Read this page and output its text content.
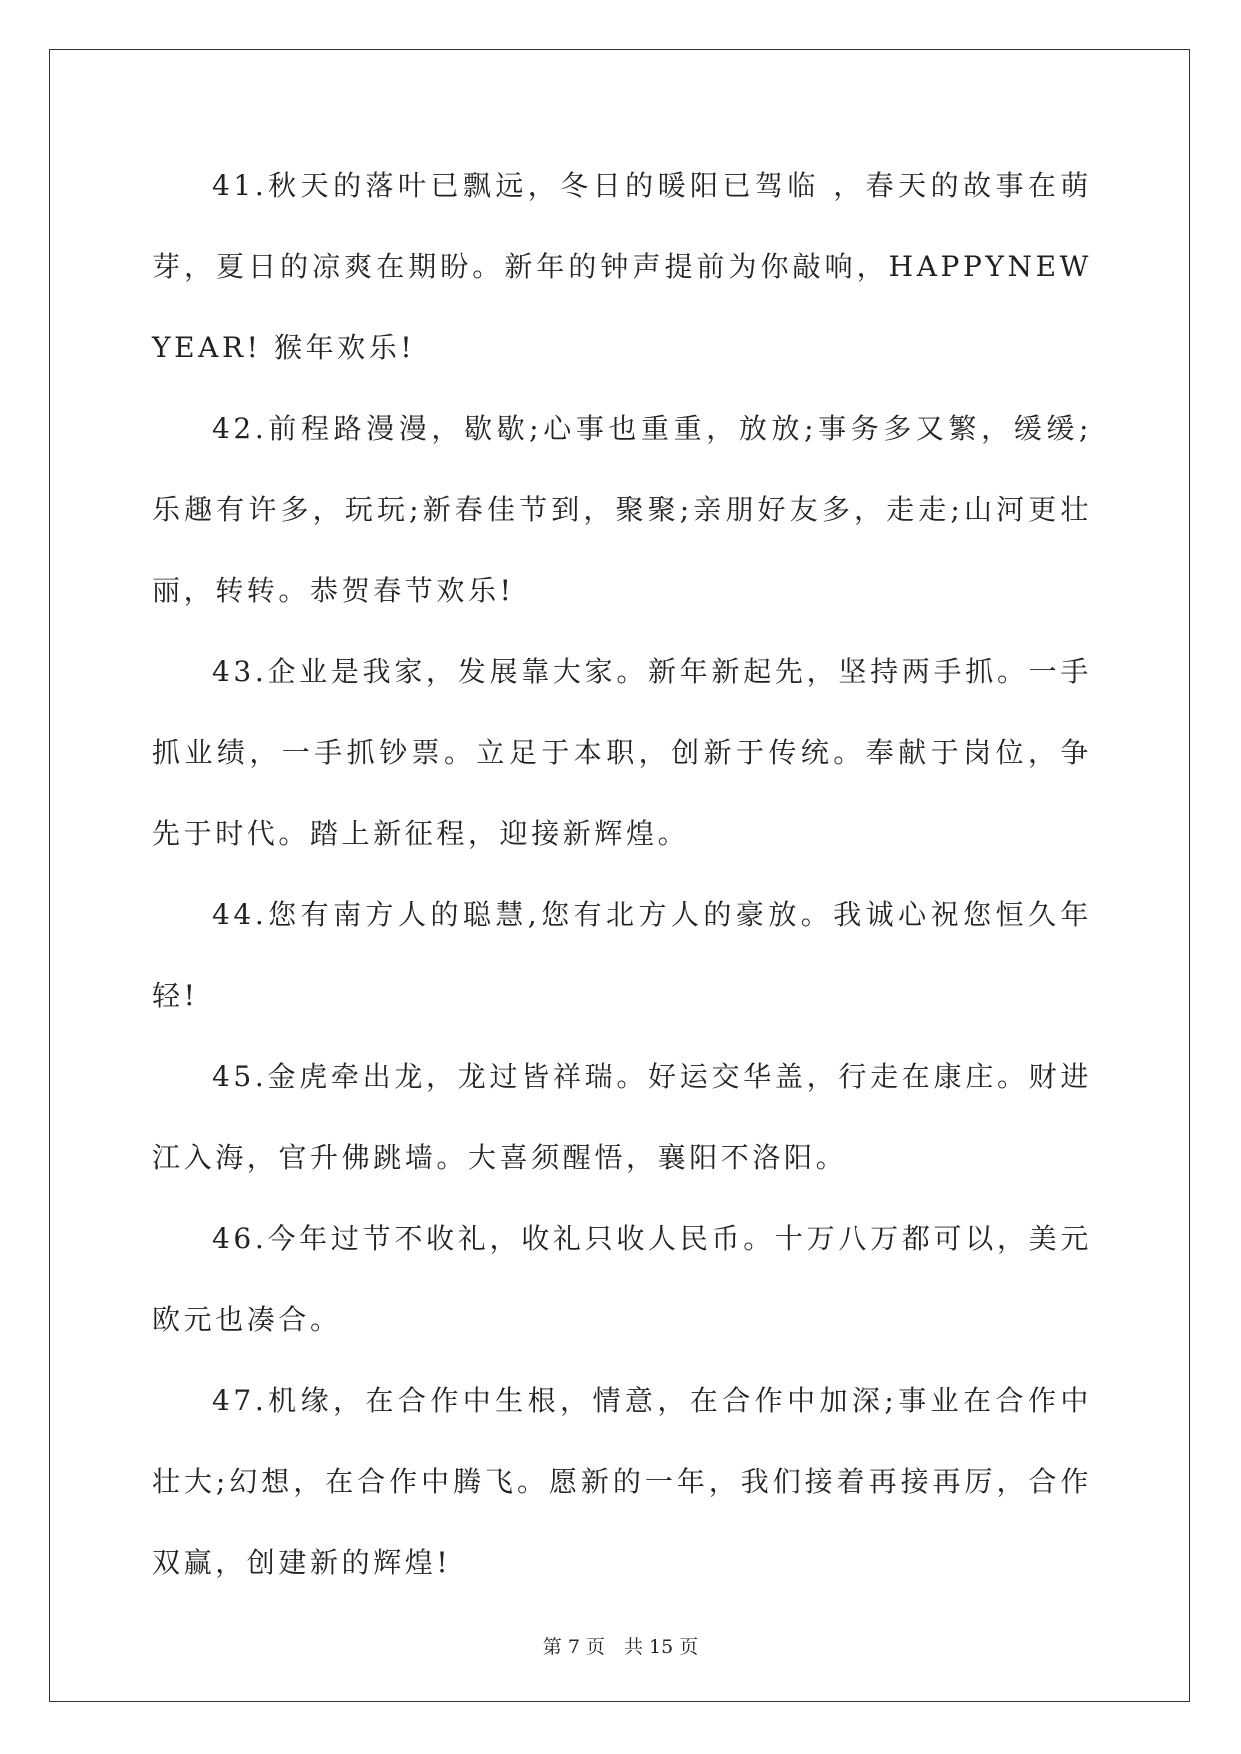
41.秋天的落叶已飘远，冬日的暖阳已驾临 ，春天的故事在萌芽，夏日的凉爽在期盼。新年的钟声提前为你敲响，HAPPYNEWYEAR! 猴年欢乐!

42.前程路漫漫，歇歇;心事也重重，放放;事务多又繁，缓缓;乐趣有许多，玩玩;新春佳节到，聚聚;亲朋好友多，走走;山河更壮丽，转转。恭贺春节欢乐!

43.企业是我家，发展靠大家。新年新起先，坚持两手抓。一手抓业绩，一手抓钞票。立足于本职，创新于传统。奉献于岗位，争先于时代。踏上新征程，迎接新辉煌。

44.您有南方人的聪慧,您有北方人的豪放。我诚心祝您恒久年轻!

45.金虎牵出龙，龙过皆祥瑞。好运交华盖，行走在康庄。财进江入海，官升佛跳墙。大喜须醒悟，襄阳不洛阳。

46.今年过节不收礼，收礼只收人民币。十万八万都可以，美元欧元也凑合。

47.机缘，在合作中生根，情意，在合作中加深;事业在合作中壮大;幻想，在合作中腾飞。愿新的一年，我们接着再接再厉，合作双赢，创建新的辉煌!

第 7 页　共 15 页
